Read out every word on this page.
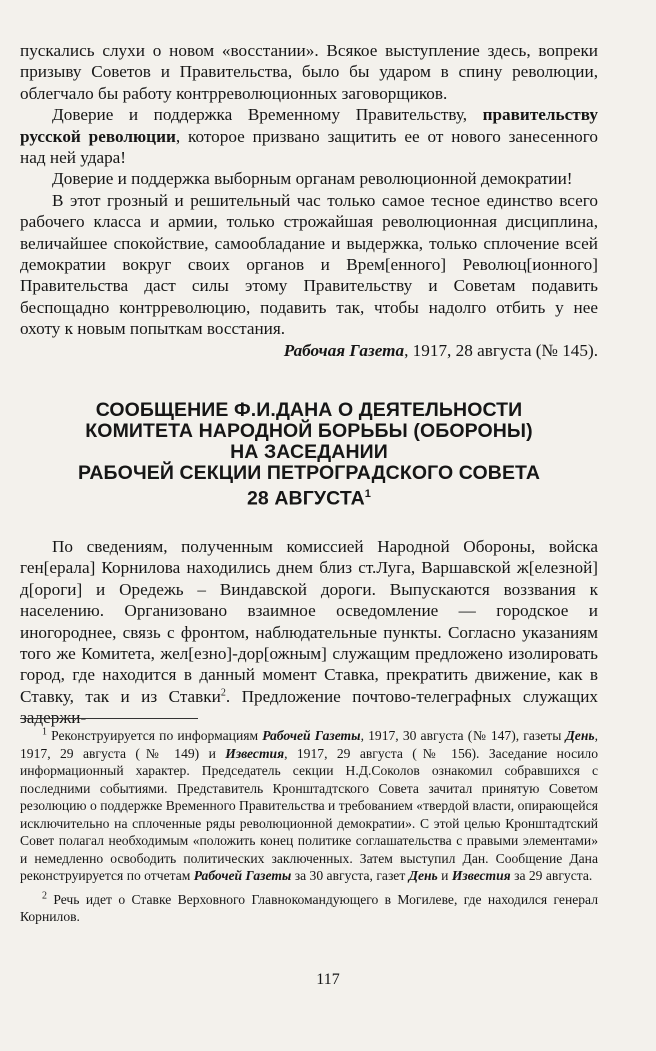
пускались слухи о новом «восстании». Всякое выступление здесь, вопреки призыву Советов и Правительства, было бы ударом в спину революции, облегчало бы работу контрреволюционных заговорщиков.

Доверие и поддержка Временному Правительству, правительству русской революции, которое призвано защитить ее от нового занесенного над ней удара!

Доверие и поддержка выборным органам революционной демократии!

В этот грозный и решительный час только самое тесное единство всего рабочего класса и армии, только строжайшая революционная дисциплина, величайшее спокойствие, самообладание и выдержка, только сплочение всей демократии вокруг своих органов и Врем[енного] Революц[ионного] Правительства даст силы этому Правительству и Советам подавить беспощадно контрреволюцию, подавить так, чтобы надолго отбить у нее охоту к новым попыткам восстания.

Рабочая Газета, 1917, 28 августа (№ 145).

СООБЩЕНИЕ Ф.И.ДАНА О ДЕЯТЕЛЬНОСТИ
КОМИТЕТА НАРОДНОЙ БОРЬБЫ (ОБОРОНЫ)
НА ЗАСЕДАНИИ
РАБОЧЕЙ СЕКЦИИ ПЕТРОГРАДСКОГО СОВЕТА
28 АВГУСТА$^1$

По сведениям, полученным комиссией Народной Обороны, войска ген[ерала] Корнилова находились днем близ ст.Луга, Варшавской ж[елезной] д[ороги] и Оредежь – Виндавской дороги. Выпускаются воззвания к населению. Организовано взаимное осведомление — городское и иногороднее, связь с фронтом, наблюдательные пункты. Согласно указаниям того же Комитета, жел[езно]-дор[ожным] служащим предложено изолировать город, где находится в данный момент Ставка, прекратить движение, как в Ставку, так и из Ставки$^2$. Предложение почтово-телеграфных служащих задержи-

$^1$ Реконструируется по информациям Рабочей Газеты, 1917, 30 августа (№ 147), газеты День, 1917, 29 августа (№ 149) и Известия, 1917, 29 августа (№ 156). Заседание носило информационный характер. Председатель секции Н.Д.Соколов ознакомил собравшихся с последними событиями. Представитель Кронштадтского Совета зачитал принятую Советом резолюцию о поддержке Временного Правительства и требованием «твердой власти, опирающейся исключительно на сплоченные ряды революционной демократии». С этой целью Кронштадтский Совет полагал необходимым «положить конец политике соглашательства с правыми элементами» и немедленно освободить политических заключенных. Затем выступил Дан. Сообщение Дана реконструируется по отчетам Рабочей Газеты за 30 августа, газет День и Известия за 29 августа.

$^2$ Речь идет о Ставке Верховного Главнокомандующего в Могилеве, где находился генерал Корнилов.

117
